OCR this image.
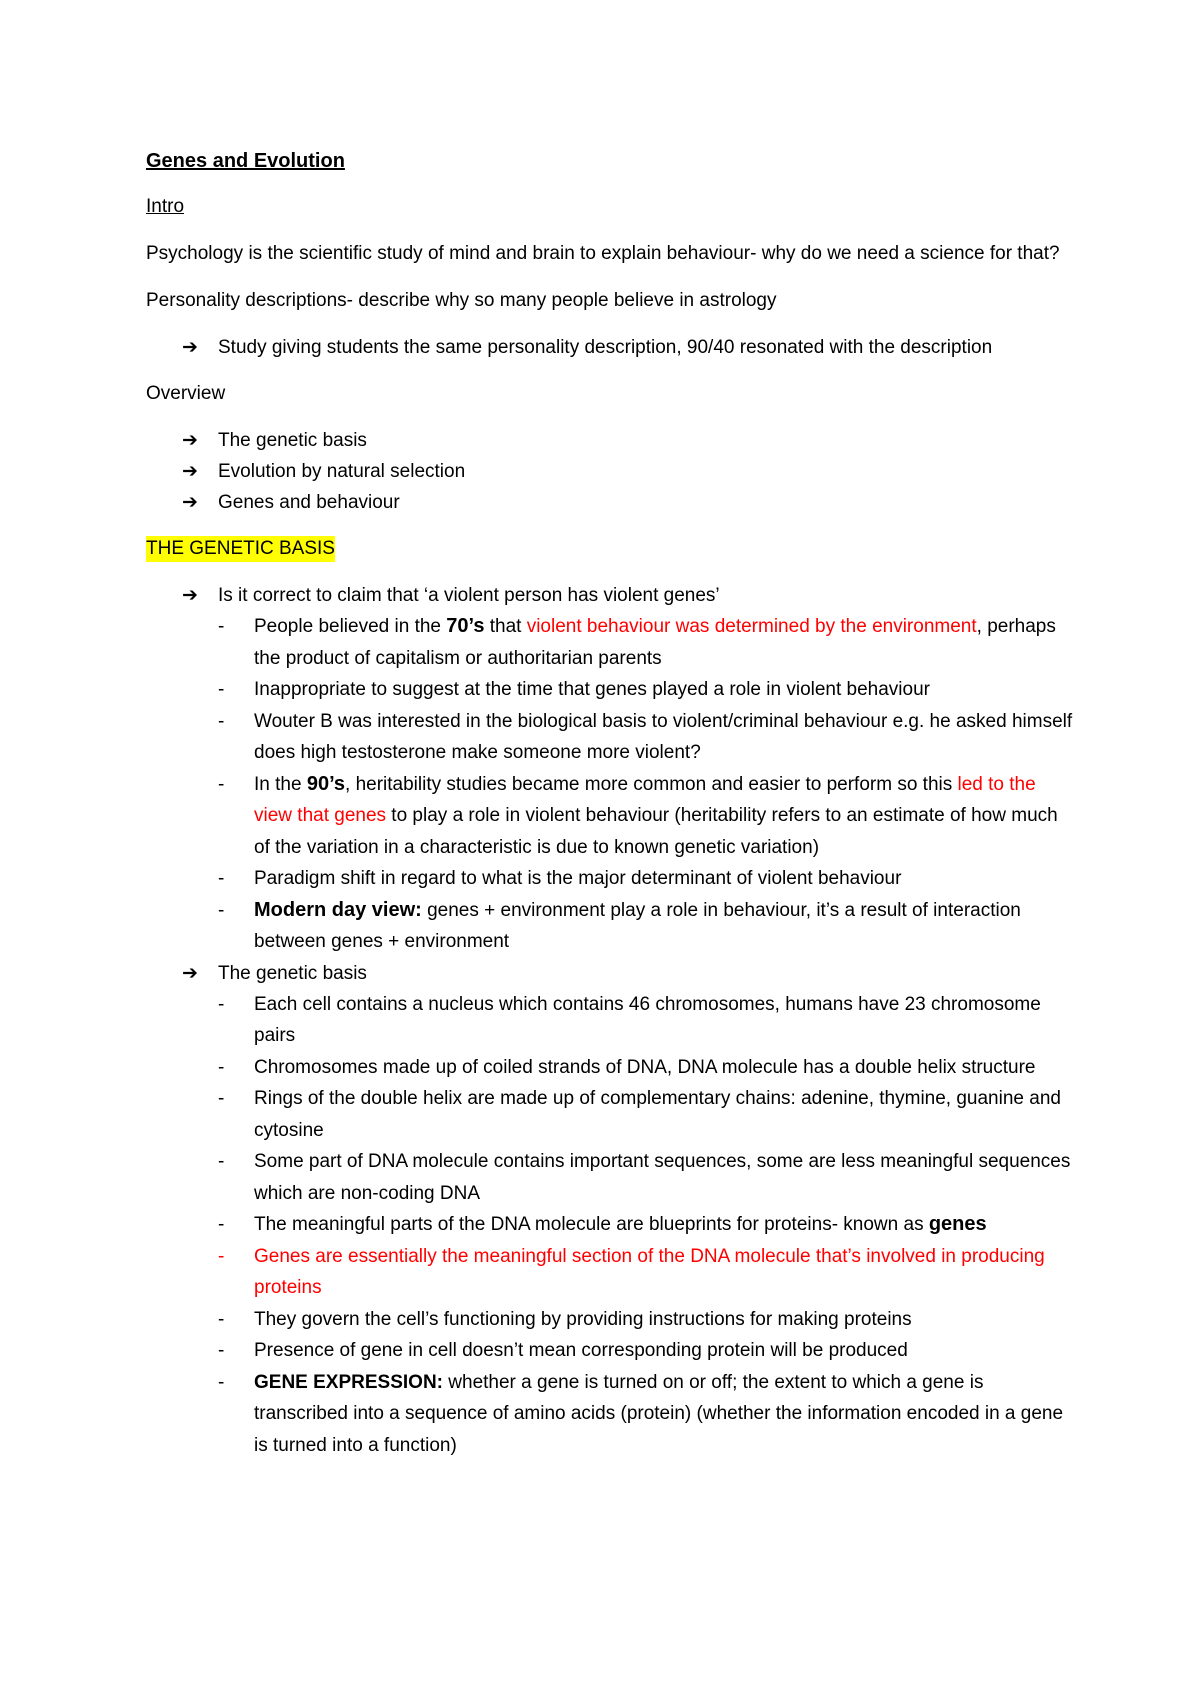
Genes and Evolution
Intro

Psychology is the scientific study of mind and brain to explain behaviour- why do we need a science for that?

Personality descriptions- describe why so many people believe in astrology

➔ Study giving students the same personality description, 90/40 resonated with the description
Overview
➔ The genetic basis
➔ Evolution by natural selection
➔ Genes and behaviour
THE GENETIC BASIS
➔ Is it correct to claim that ‘a violent person has violent genes’
- People believed in the 70’s that violent behaviour was determined by the environment, perhaps the product of capitalism or authoritarian parents
- Inappropriate to suggest at the time that genes played a role in violent behaviour
- Wouter B was interested in the biological basis to violent/criminal behaviour e.g. he asked himself does high testosterone make someone more violent?
- In the 90’s, heritability studies became more common and easier to perform so this led to the view that genes to play a role in violent behaviour (heritability refers to an estimate of how much of the variation in a characteristic is due to known genetic variation)
- Paradigm shift in regard to what is the major determinant of violent behaviour
- Modern day view: genes + environment play a role in behaviour, it’s a result of interaction between genes + environment
➔ The genetic basis
- Each cell contains a nucleus which contains 46 chromosomes, humans have 23 chromosome pairs
- Chromosomes made up of coiled strands of DNA, DNA molecule has a double helix structure
- Rings of the double helix are made up of complementary chains: adenine, thymine, guanine and cytosine
- Some part of DNA molecule contains important sequences, some are less meaningful sequences which are non-coding DNA
- The meaningful parts of the DNA molecule are blueprints for proteins- known as genes
- Genes are essentially the meaningful section of the DNA molecule that’s involved in producing proteins
- They govern the cell’s functioning by providing instructions for making proteins
- Presence of gene in cell doesn’t mean corresponding protein will be produced
- GENE EXPRESSION: whether a gene is turned on or off; the extent to which a gene is transcribed into a sequence of amino acids (protein) (whether the information encoded in a gene is turned into a function)
